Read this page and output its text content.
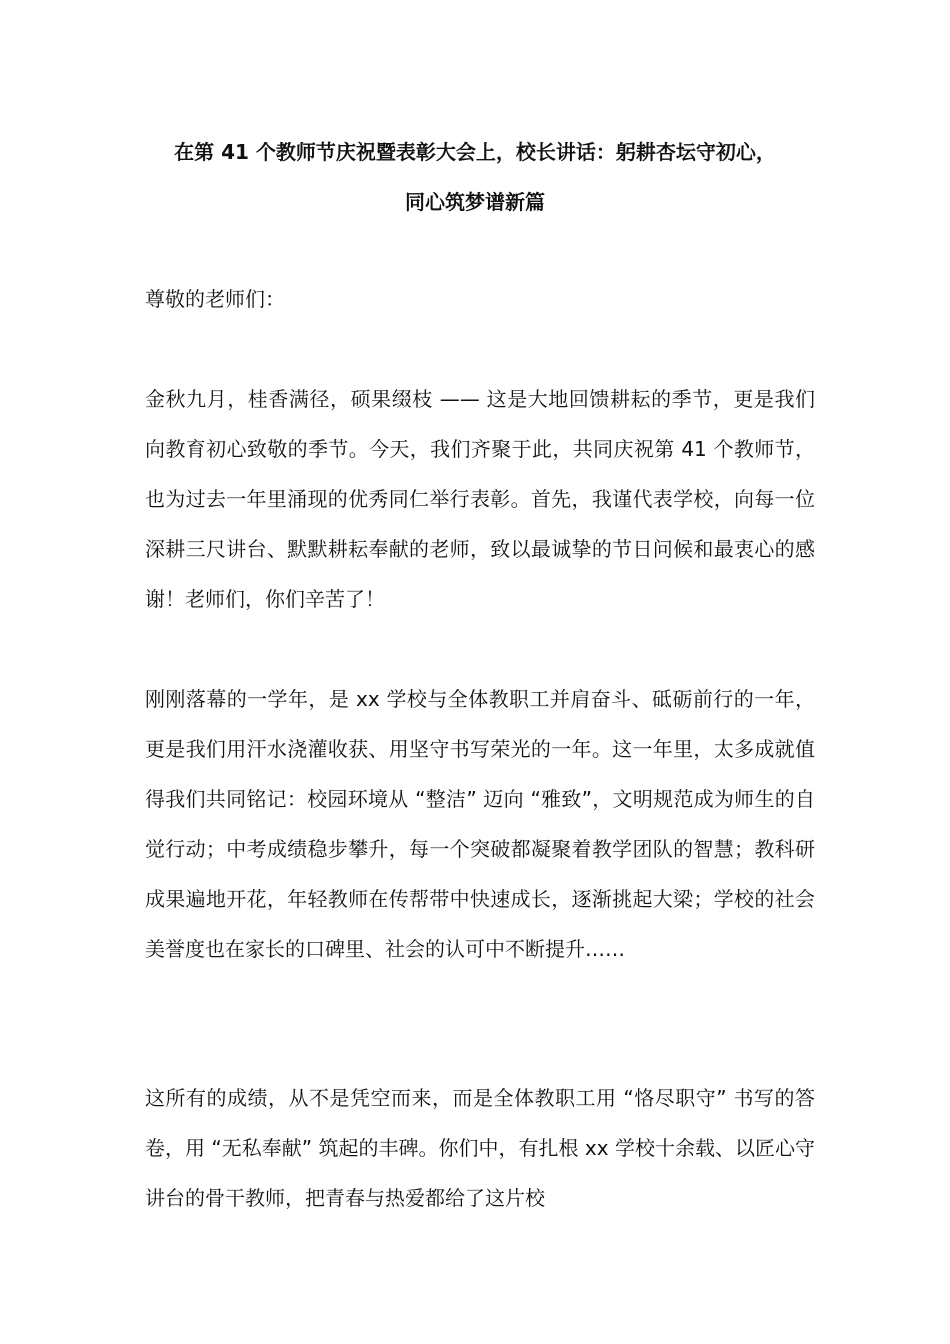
在第 41 个教师节庆祝暨表彰大会上，校长讲话：躬耕杏坛守初心，
同心筑梦谱新篇
尊敬的老师们：
金秋九月，桂香满径，硕果缀枝 —— 这是大地回馈耕耘的季节，更是我们向教育初心致敬的季节。今天，我们齐聚于此，共同庆祝第 41 个教师节，也为过去一年里涌现的优秀同仁举行表彰。首先，我谨代表学校，向每一位深耕三尺讲台、默默耕耘奉献的老师，致以最诚挚的节日问候和最衷心的感谢！老师们，你们辛苦了！
刚刚落幕的一学年，是 xx 学校与全体教职工并肩奋斗、砥砺前行的一年，更是我们用汗水浇灌收获、用坚守书写荣光的一年。这一年里，太多成就值得我们共同铭记：校园环境从 “整洁” 迈向 “雅致”，文明规范成为师生的自觉行动；中考成绩稳步攀升，每一个突破都凝聚着教学团队的智慧；教科研成果遍地开花，年轻教师在传帮带中快速成长，逐渐挑起大梁；学校的社会美誉度也在家长的口碑里、社会的认可中不断提升……
这所有的成绩，从不是凭空而来，而是全体教职工用 “恪尽职守” 书写的答卷，用 “无私奉献” 筑起的丰碑。你们中，有扎根 xx 学校十余载、以匠心守讲台的骨干教师，把青春与热爱都给了这片校
